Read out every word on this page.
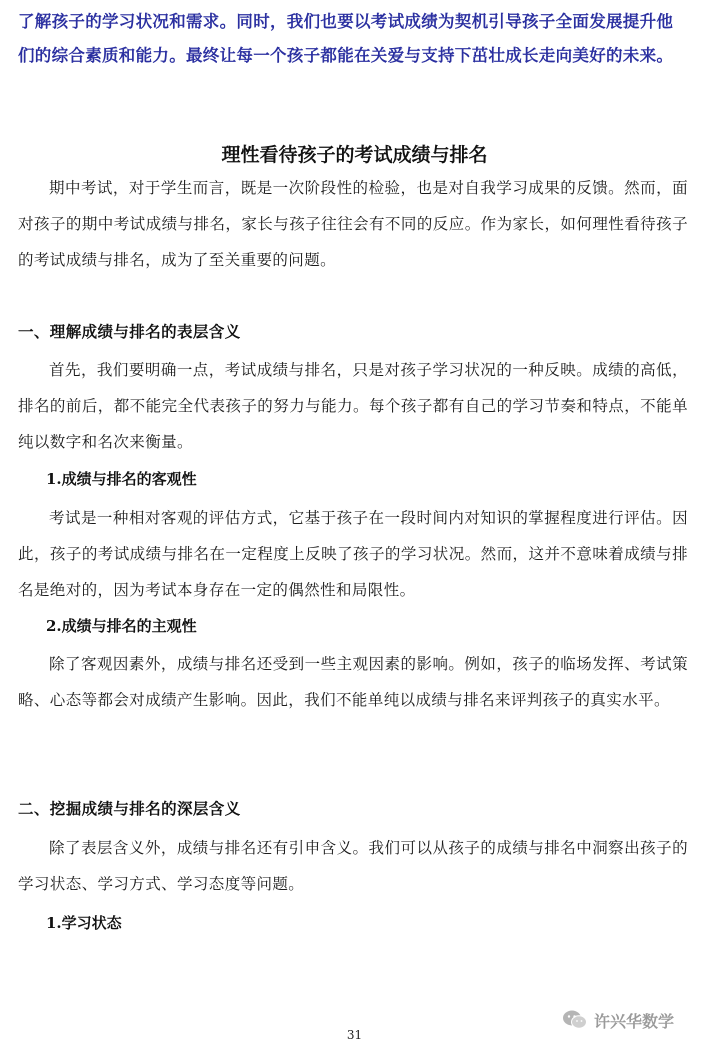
了解孩子的学习状况和需求。同时，我们也要以考试成绩为契机引导孩子全面发展提升他
们的综合素质和能力。最终让每一个孩子都能在关爱与支持下茁壮成长走向美好的未来。
理性看待孩子的考试成绩与排名
期中考试，对于学生而言，既是一次阶段性的检验，也是对自我学习成果的反馈。然而，面对孩子的期中考试成绩与排名，家长与孩子往往会有不同的反应。作为家长，如何理性看待孩子的考试成绩与排名，成为了至关重要的问题。
一、理解成绩与排名的表层含义
首先，我们要明确一点，考试成绩与排名，只是对孩子学习状况的一种反映。成绩的高低，排名的前后，都不能完全代表孩子的努力与能力。每个孩子都有自己的学习节奏和特点，不能单纯以数字和名次来衡量。
1.成绩与排名的客观性
考试是一种相对客观的评估方式，它基于孩子在一段时间内对知识的掌握程度进行评估。因此，孩子的考试成绩与排名在一定程度上反映了孩子的学习状况。然而，这并不意味着成绩与排名是绝对的，因为考试本身存在一定的偶然性和局限性。
2.成绩与排名的主观性
除了客观因素外，成绩与排名还受到一些主观因素的影响。例如，孩子的临场发挥、考试策略、心态等都会对成绩产生影响。因此，我们不能单纯以成绩与排名来评判孩子的真实水平。
二、挖掘成绩与排名的深层含义
除了表层含义外，成绩与排名还有引申含义。我们可以从孩子的成绩与排名中洞察出孩子的学习状态、学习方式、学习态度等问题。
1.学习状态
许兴华数学
31
